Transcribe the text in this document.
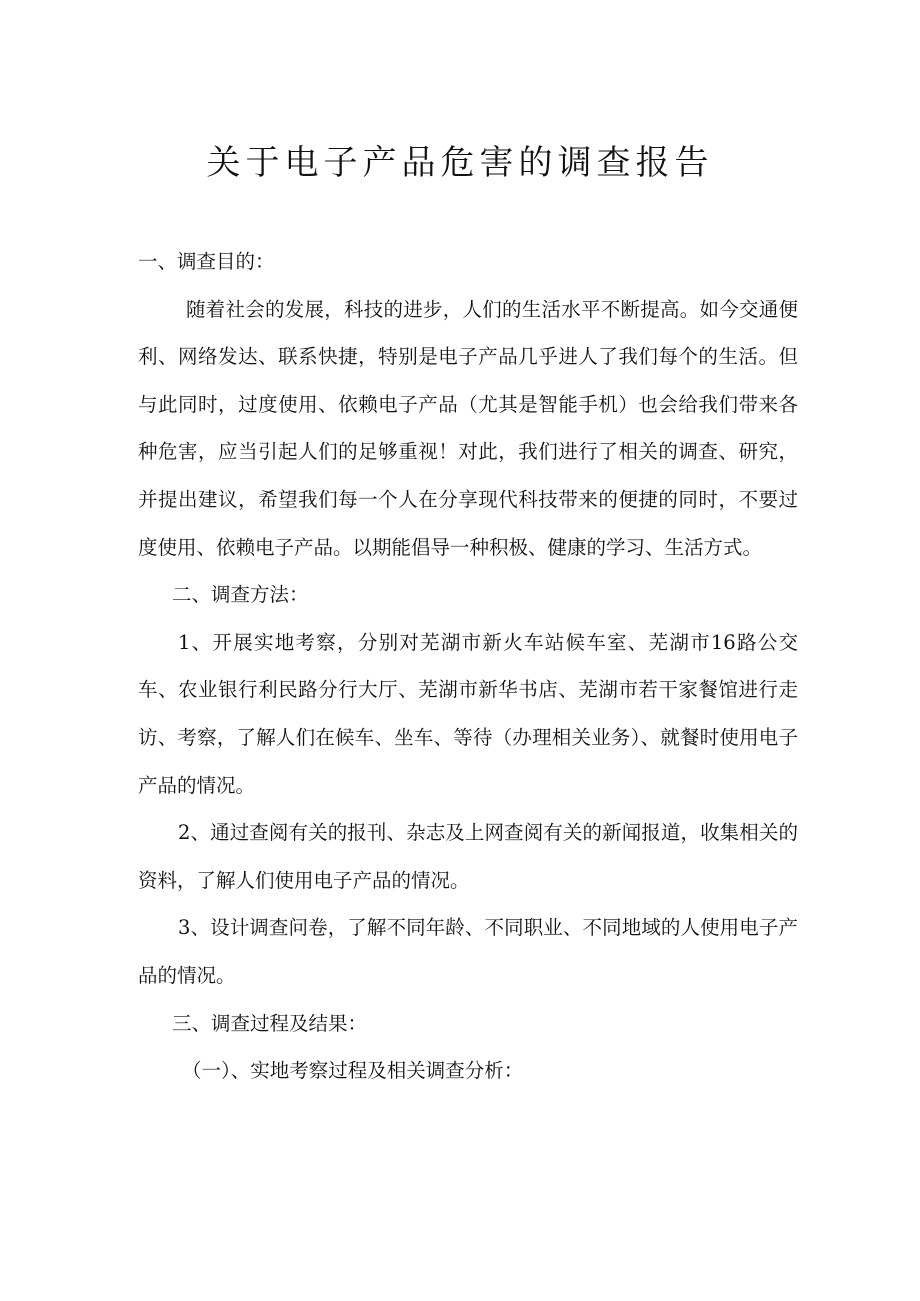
关于电子产品危害的调查报告

一、调查目的：

随着社会的发展，科技的进步，人们的生活水平不断提高。如今交通便利、网络发达、联系快捷，特别是电子产品几乎进人了我们每个的生活。但与此同时，过度使用、依赖电子产品（尤其是智能手机）也会给我们带来各种危害，应当引起人们的足够重视！对此，我们进行了相关的调查、研究，并提出建议，希望我们每一个人在分享现代科技带来的便捷的同时，不要过度使用、依赖电子产品。以期能倡导一种积极、健康的学习、生活方式。

二、调查方法：

1、开展实地考察，分别对芜湖市新火车站候车室、芜湖市16路公交车、农业银行利民路分行大厅、芜湖市新华书店、芜湖市若干家餐馆进行走访、考察，了解人们在候车、坐车、等待（办理相关业务）、就餐时使用电子产品的情况。

2、通过查阅有关的报刊、杂志及上网查阅有关的新闻报道，收集相关的资料，了解人们使用电子产品的情况。

3、设计调查问卷，了解不同年龄、不同职业、不同地域的人使用电子产品的情况。

三、调查过程及结果：

（一）、实地考察过程及相关调查分析：
